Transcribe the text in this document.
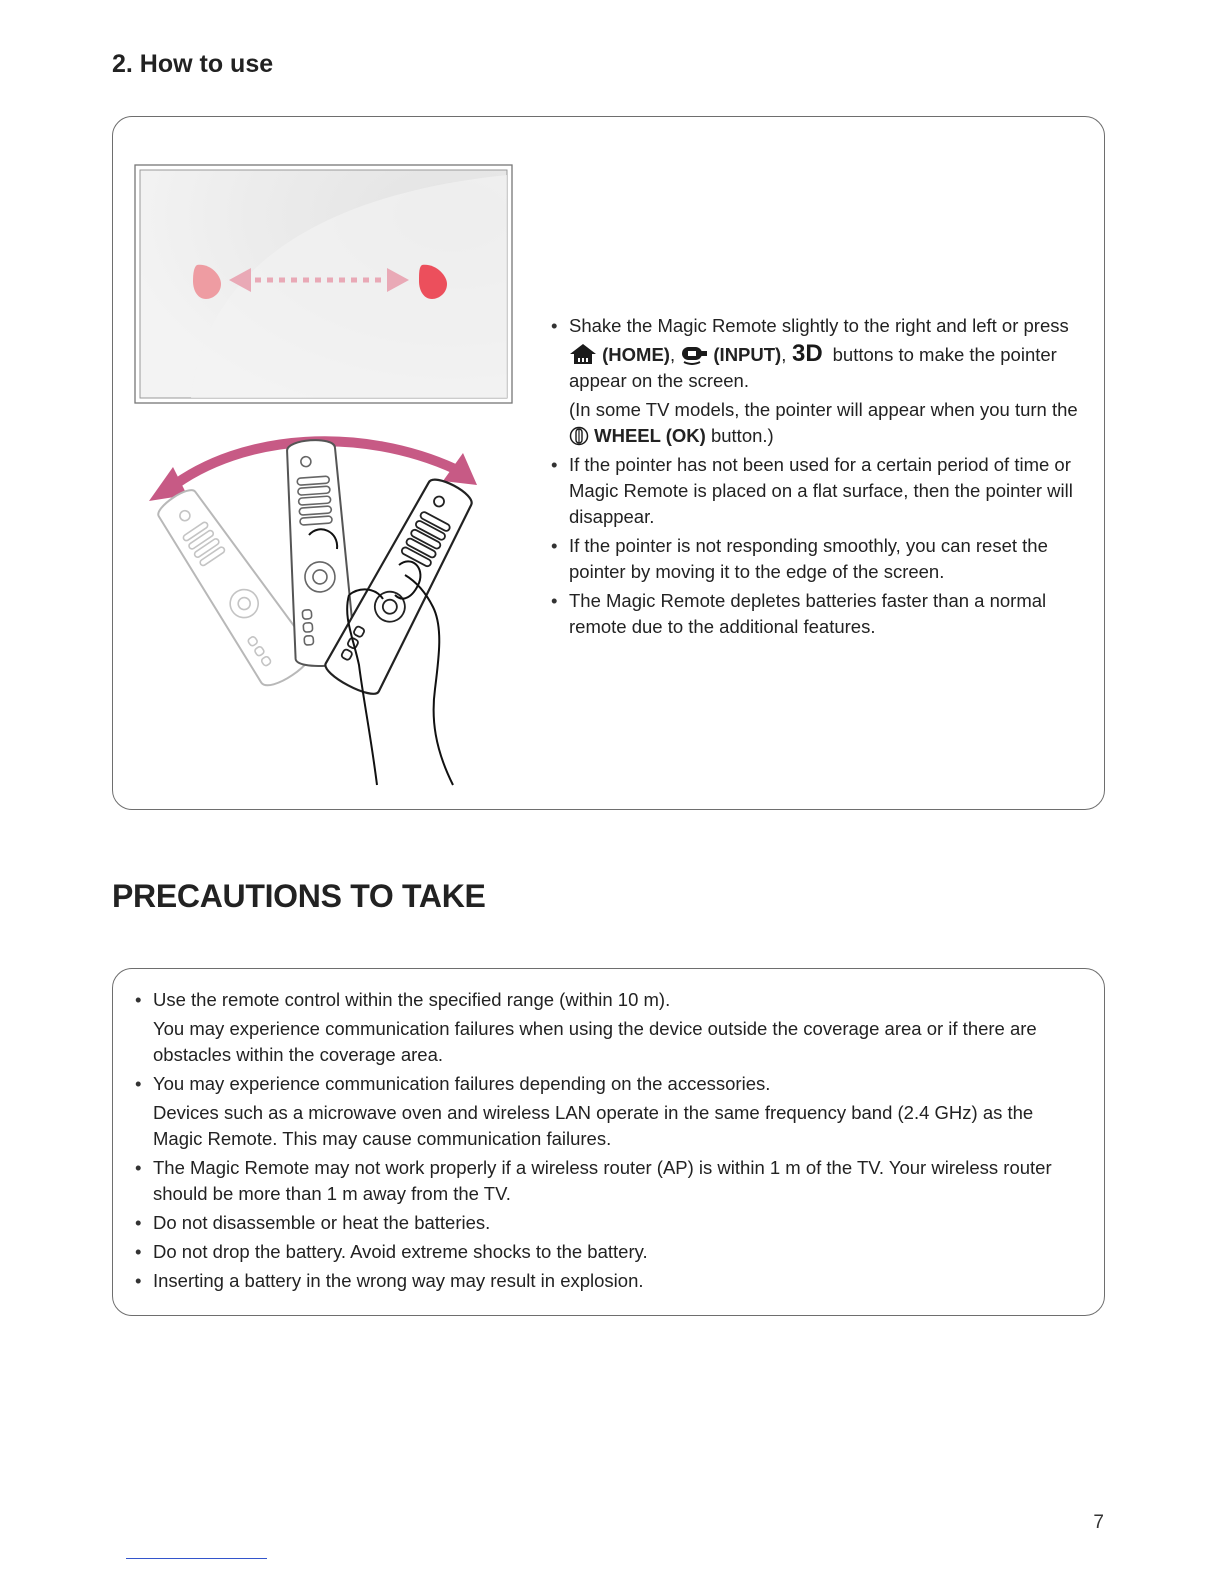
2. How to use
• Shake the Magic Remote slightly to the right and left or press  (HOME), (INPUT), 3D buttons to make the pointer appear on the screen.
(In some TV models, the pointer will appear when you turn the  WHEEL (OK) button.)
• If the pointer has not been used for a certain period of time or Magic Remote is placed on a flat surface, then the pointer will disappear.
• If the pointer is not responding smoothly, you can reset the pointer by moving it to the edge of the screen.
• The Magic Remote depletes batteries faster than a normal remote due to the additional features.
PRECAUTIONS TO TAKE
• Use the remote control within the specified range (within 10 m).
You may experience communication failures when using the device outside the coverage area or if there are obstacles within the coverage area.
• You may experience communication failures depending on the accessories.
Devices such as a microwave oven and wireless LAN operate in the same frequency band (2.4 GHz) as the Magic Remote. This may cause communication failures.
• The Magic Remote may not work properly if a wireless router (AP) is within 1 m of the TV. Your wireless router should be more than 1 m away from the TV.
• Do not disassemble or heat the batteries.
• Do not drop the battery. Avoid extreme shocks to the battery.
• Inserting a battery in the wrong way may result in explosion.
7
